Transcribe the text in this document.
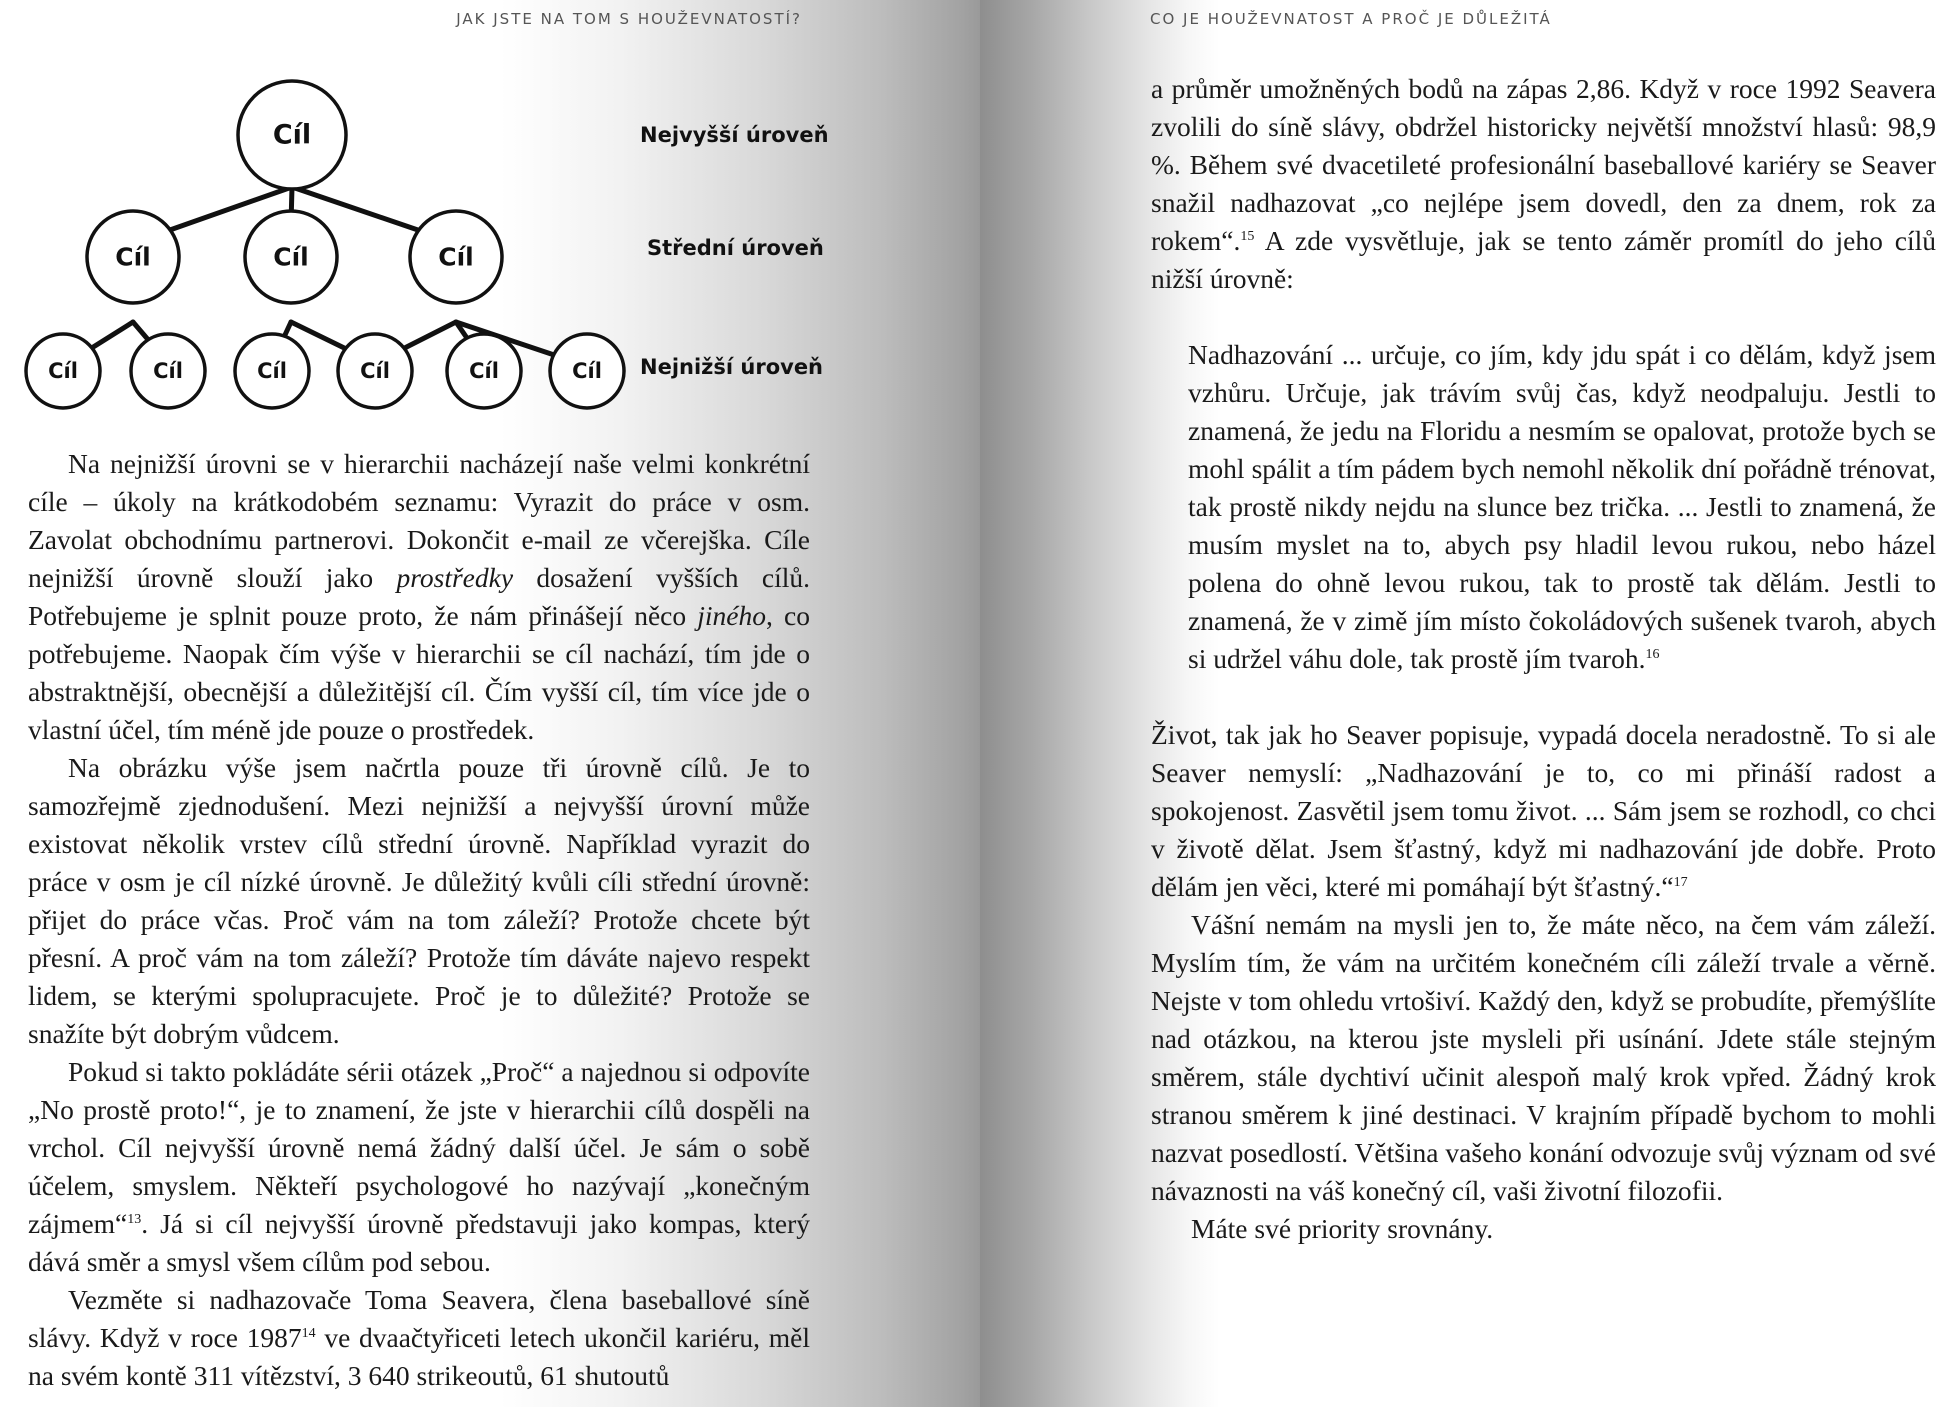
JAK JSTE NA TOM S HOUŽEVNATOSTÍ?
Cíl
Cíl	Cíl	Cíl
Cíl	Cíl	Cíl	Cíl	Cíl	Cíl
Nejvyšší úroveň
Střední úroveň
Nejnižší úroveň

Na nejnižší úrovni se v hierarchii nacházejí naše velmi konkrétní cíle – úkoly na krátkodobém seznamu: Vyrazit do práce v osm. Zavolat obchodnímu partnerovi. Dokončit e-mail ze včerejška. Cíle nejnižší úrovně slouží jako prostředky dosažení vyšších cílů. Potřebujeme je splnit pouze proto, že nám přinášejí něco jiného, co potřebujeme. Naopak čím výše v hierarchii se cíl nachází, tím jde o abstraktnější, obecnější a důležitější cíl. Čím vyšší cíl, tím více jde o vlastní účel, tím méně jde pouze o prostředek.

Na obrázku výše jsem načrtla pouze tři úrovně cílů. Je to samozřejmě zjednodušení. Mezi nejnižší a nejvyšší úrovní může existovat několik vrstev cílů střední úrovně. Například vyrazit do práce v osm je cíl nízké úrovně. Je důležitý kvůli cíli střední úrovně: přijet do práce včas. Proč vám na tom záleží? Protože chcete být přesní. A proč vám na tom záleží? Protože tím dáváte najevo respekt lidem, se kterými spolupracujete. Proč je to důležité? Protože se snažíte být dobrým vůdcem.

Pokud si takto pokládáte sérii otázek „Proč“ a najednou si odpovíte „No prostě proto!“, je to znamení, že jste v hierarchii cílů dospěli na vrchol. Cíl nejvyšší úrovně nemá žádný další účel. Je sám o sobě účelem, smyslem. Někteří psychologové ho nazývají „konečným zájmem“$^{13}$. Já si cíl nejvyšší úrovně představuji jako kompas, který dává směr a smysl všem cílům pod sebou.

Vezměte si nadhazovače Toma Seavera, člena baseballové síně slávy. Když v roce 1987$^{14}$ ve dvaačtyřiceti letech ukončil kariéru, měl na svém kontě 311 vítězství, 3 640 strikeoutů, 61 shutoutů

CO JE HOUŽEVNATOST A PROČ JE DŮLEŽITÁ

a průměr umožněných bodů na zápas 2,86. Když v roce 1992 Seavera zvolili do síně slávy, obdržel historicky největší množství hlasů: 98,9 %. Během své dvacetileté profesionální baseballové kariéry se Seaver snažil nadhazovat „co nejlépe jsem dovedl, den za dnem, rok za rokem“.$^{15}$ A zde vysvětluje, jak se tento záměr promítl do jeho cílů nižší úrovně:

Nadhazování ... určuje, co jím, kdy jdu spát i co dělám, když jsem vzhůru. Určuje, jak trávím svůj čas, když neodpaluju. Jestli to znamená, že jedu na Floridu a nesmím se opalovat, protože bych se mohl spálit a tím pádem bych nemohl několik dní pořádně trénovat, tak prostě nikdy nejdu na slunce bez trička. ... Jestli to znamená, že musím myslet na to, abych psy hladil levou rukou, nebo házel polena do ohně levou rukou, tak to prostě tak dělám. Jestli to znamená, že v zimě jím místo čokoládových sušenek tvaroh, abych si udržel váhu dole, tak prostě jím tvaroh.$^{16}$

Život, tak jak ho Seaver popisuje, vypadá docela neradostně. To si ale Seaver nemyslí: „Nadhazování je to, co mi přináší radost a spokojenost. Zasvětil jsem tomu život. ... Sám jsem se rozhodl, co chci v životě dělat. Jsem šťastný, když mi nadhazování jde dobře. Proto dělám jen věci, které mi pomáhají být šťastný.“$^{17}$

Vášní nemám na mysli jen to, že máte něco, na čem vám záleží. Myslím tím, že vám na určitém konečném cíli záleží trvale a věrně. Nejste v tom ohledu vrtošiví. Každý den, když se probudíte, přemýšlíte nad otázkou, na kterou jste mysleli při usínání. Jdete stále stejným směrem, stále dychtiví učinit alespoň malý krok vpřed. Žádný krok stranou směrem k jiné destinaci. V krajním případě bychom to mohli nazvat posedlostí. Většina vašeho konání odvozuje svůj význam od své návaznosti na váš konečný cíl, vaši životní filozofii.

Máte své priority srovnány.
